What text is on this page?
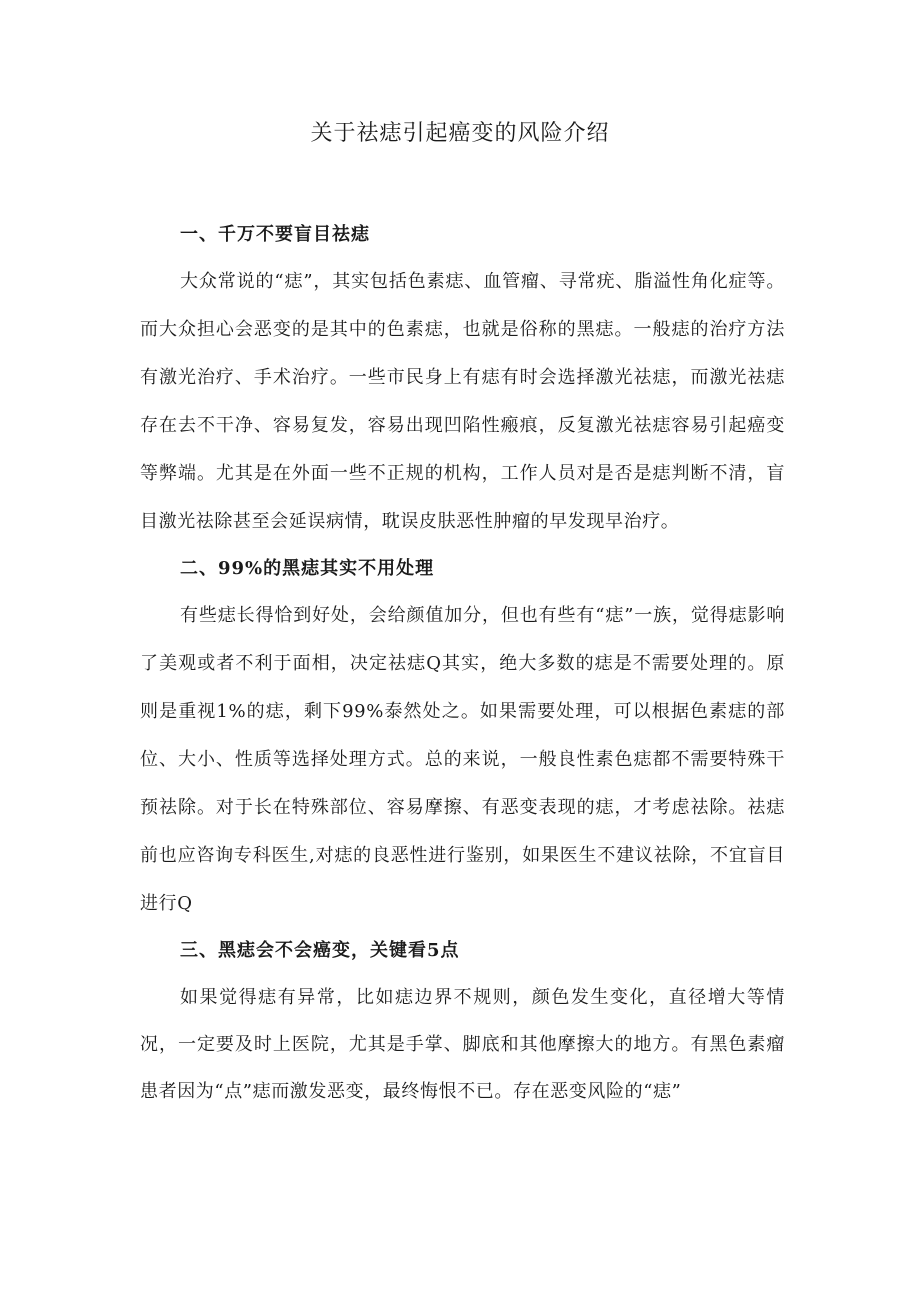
关于祛痣引起癌变的风险介绍
一、千万不要盲目祛痣

大众常说的“痣”，其实包括色素痣、血管瘤、寻常疣、脂溢性角化症等。而大众担心会恶变的是其中的色素痣，也就是俗称的黑痣。一般痣的治疗方法有激光治疗、手术治疗。一些市民身上有痣有时会选择激光祛痣，而激光祛痣存在去不干净、容易复发，容易出现凹陷性瘢痕，反复激光祛痣容易引起癌变等弊端。尤其是在外面一些不正规的机构，工作人员对是否是痣判断不清，盲目激光祛除甚至会延误病情，耽误皮肤恶性肿瘤的早发现早治疗。

二、99%的黑痣其实不用处理

有些痣长得恰到好处，会给颜值加分，但也有些有“痣”一族，觉得痣影响了美观或者不利于面相，决定祛痣Q其实，绝大多数的痣是不需要处理的。原则是重视1%的痣，剩下99%泰然处之。如果需要处理，可以根据色素痣的部位、大小、性质等选择处理方式。总的来说，一般良性素色痣都不需要特殊干预祛除。对于长在特殊部位、容易摩擦、有恶变表现的痣，才考虑祛除。祛痣前也应咨询专科医生,对痣的良恶性进行鉴别，如果医生不建议祛除，不宜盲目进行Q

三、黑痣会不会癌变，关键看5点

如果觉得痣有异常，比如痣边界不规则，颜色发生变化，直径增大等情况，一定要及时上医院，尤其是手掌、脚底和其他摩擦大的地方。有黑色素瘤患者因为“点”痣而激发恶变，最终悔恨不已。存在恶变风险的“痣”
